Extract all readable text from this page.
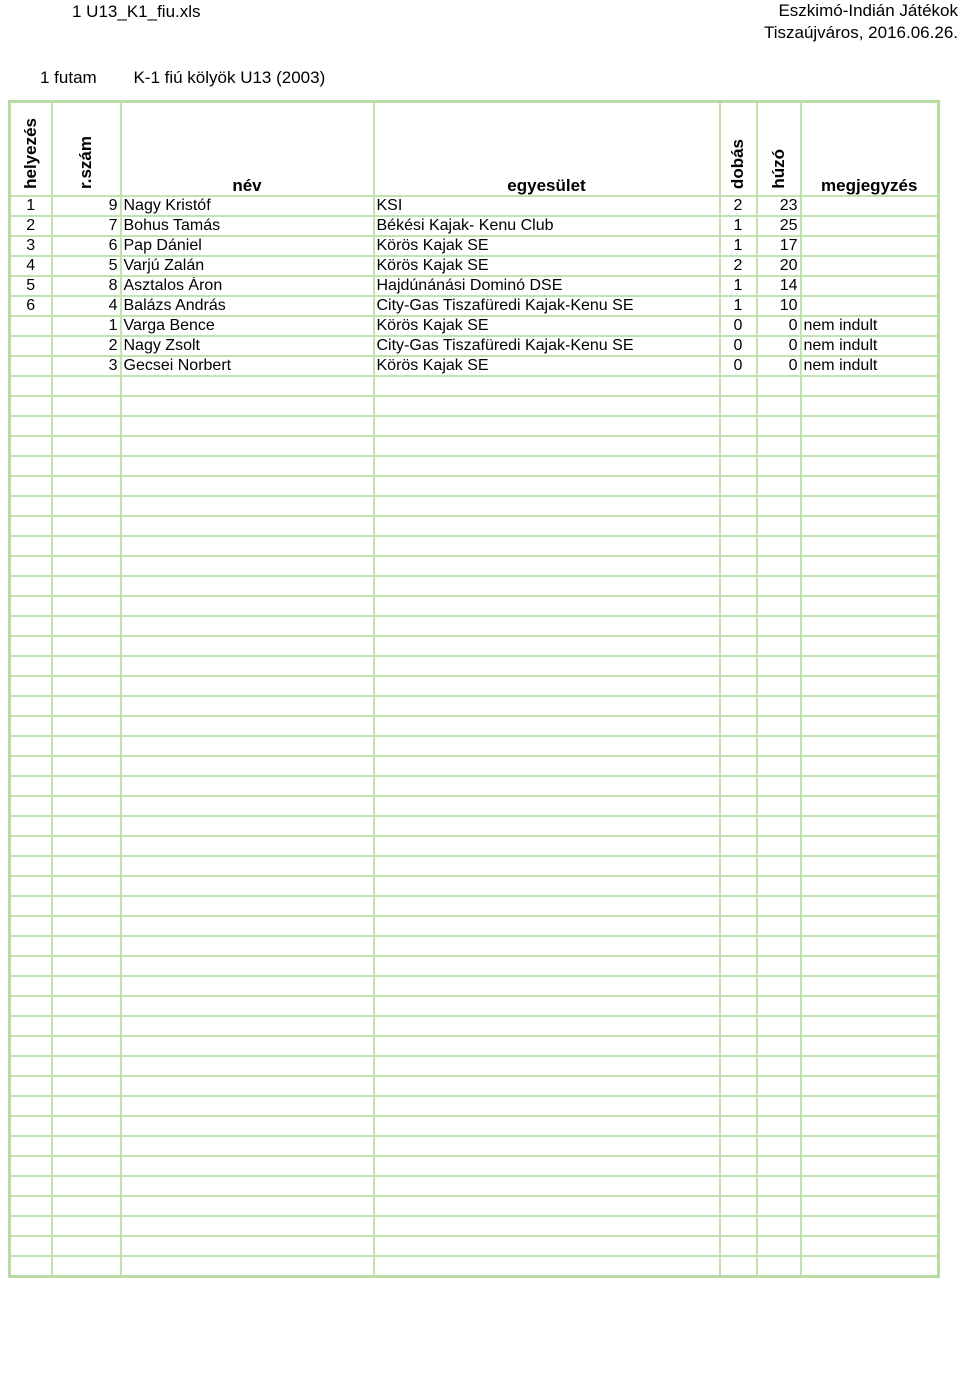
1 U13_K1_fiu.xls	Eszkimó-Indián Játékok
Tiszaújváros, 2016.06.26.
1 futam K-1 fiú kölyök U13 (2003)
helyezés	r.szám	név	egyesület	dobás	húzó	megjegyzés
1	9	Nagy Kristóf	KSI	2	23	
2	7	Bohus Tamás	Békési Kajak- Kenu Club	1	25	
3	6	Pap Dániel	Körös Kajak SE	1	17	
4	5	Varjú Zalán	Körös Kajak SE	2	20	
5	8	Asztalos Áron	Hajdúnánási Dominó DSE	1	14	
6	4	Balázs András	City-Gas Tiszafüredi Kajak-Kenu SE	1	10	
	1	Varga Bence	Körös Kajak SE	0	0	nem indult
	2	Nagy Zsolt	City-Gas Tiszafüredi Kajak-Kenu SE	0	0	nem indult
	3	Gecsei Norbert	Körös Kajak SE	0	0	nem indult
